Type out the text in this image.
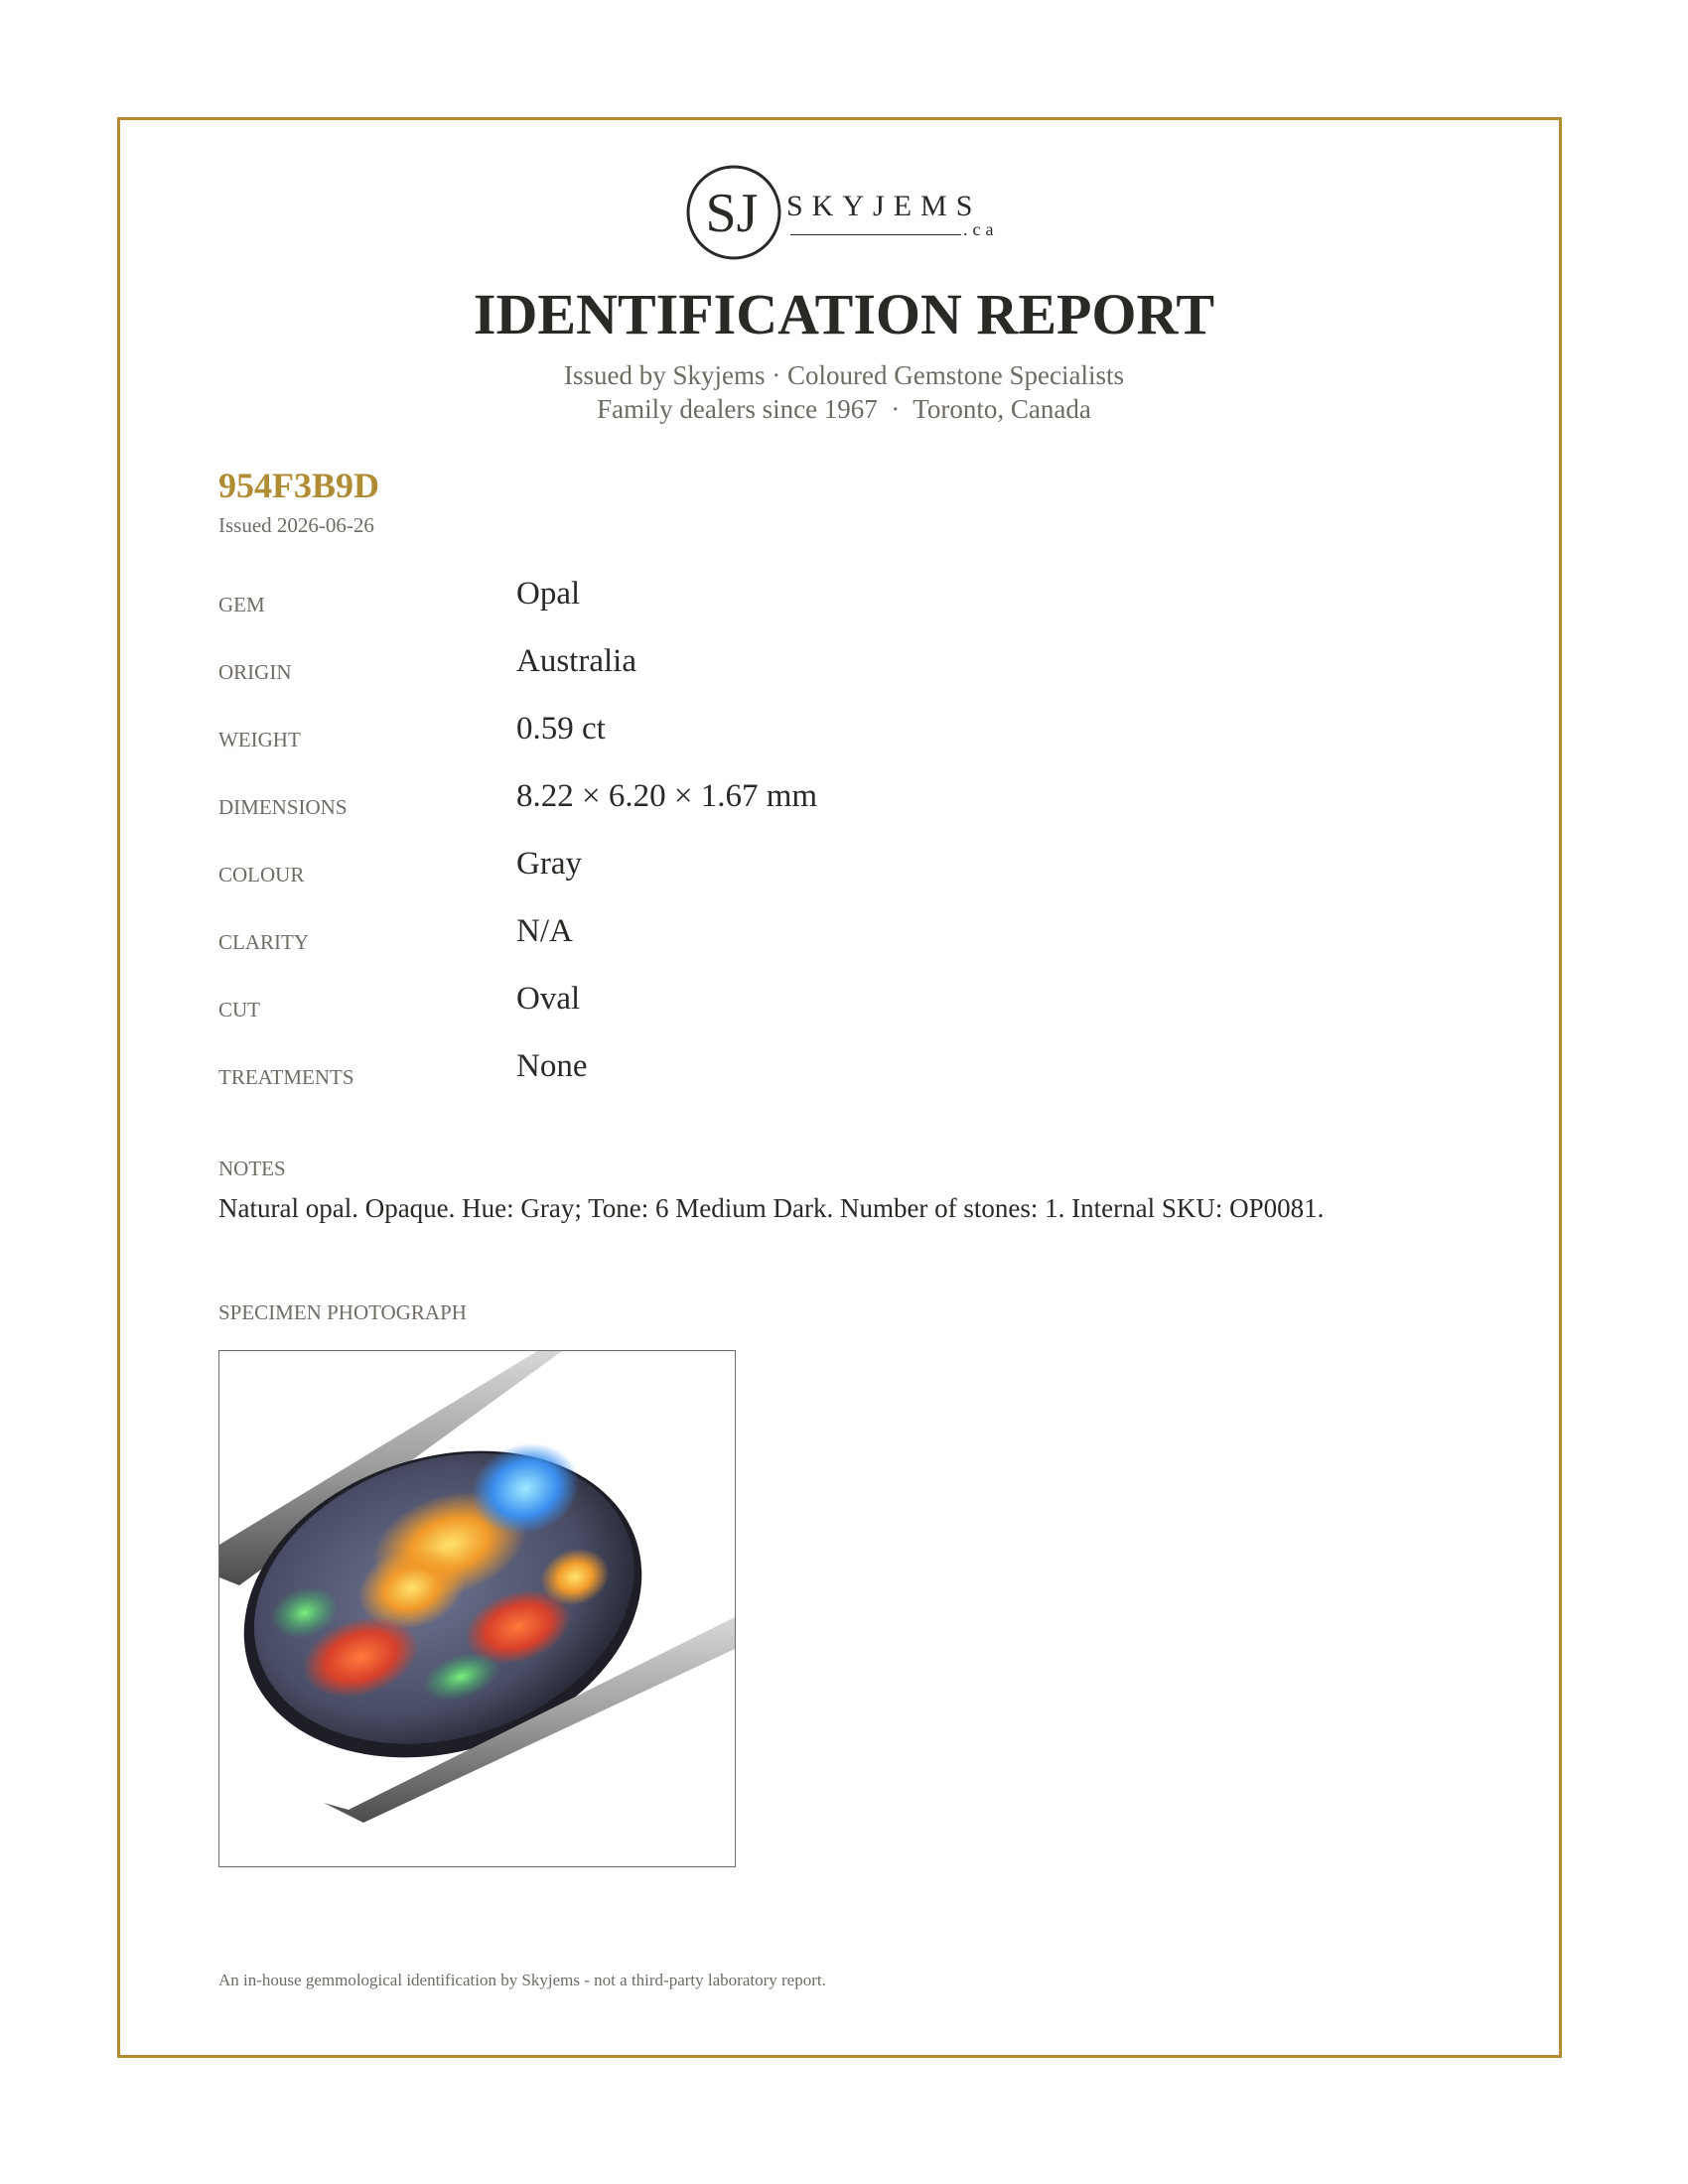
SJ SKYJEMS
.ca
IDENTIFICATION REPORT
Issued by Skyjems · Coloured Gemstone Specialists
Family dealers since 1967  ·  Toronto, Canada
954F3B9D
Issued 2026-06-26
GEM	Opal
ORIGIN	Australia
WEIGHT	0.59 ct
DIMENSIONS	8.22 × 6.20 × 1.67 mm
COLOUR	Gray
CLARITY	N/A
CUT	Oval
TREATMENTS	None
NOTES
Natural opal. Opaque. Hue: Gray; Tone: 6 Medium Dark. Number of stones: 1. Internal SKU: OP0081.
SPECIMEN PHOTOGRAPH
An in-house gemmological identification by Skyjems - not a third-party laboratory report.
